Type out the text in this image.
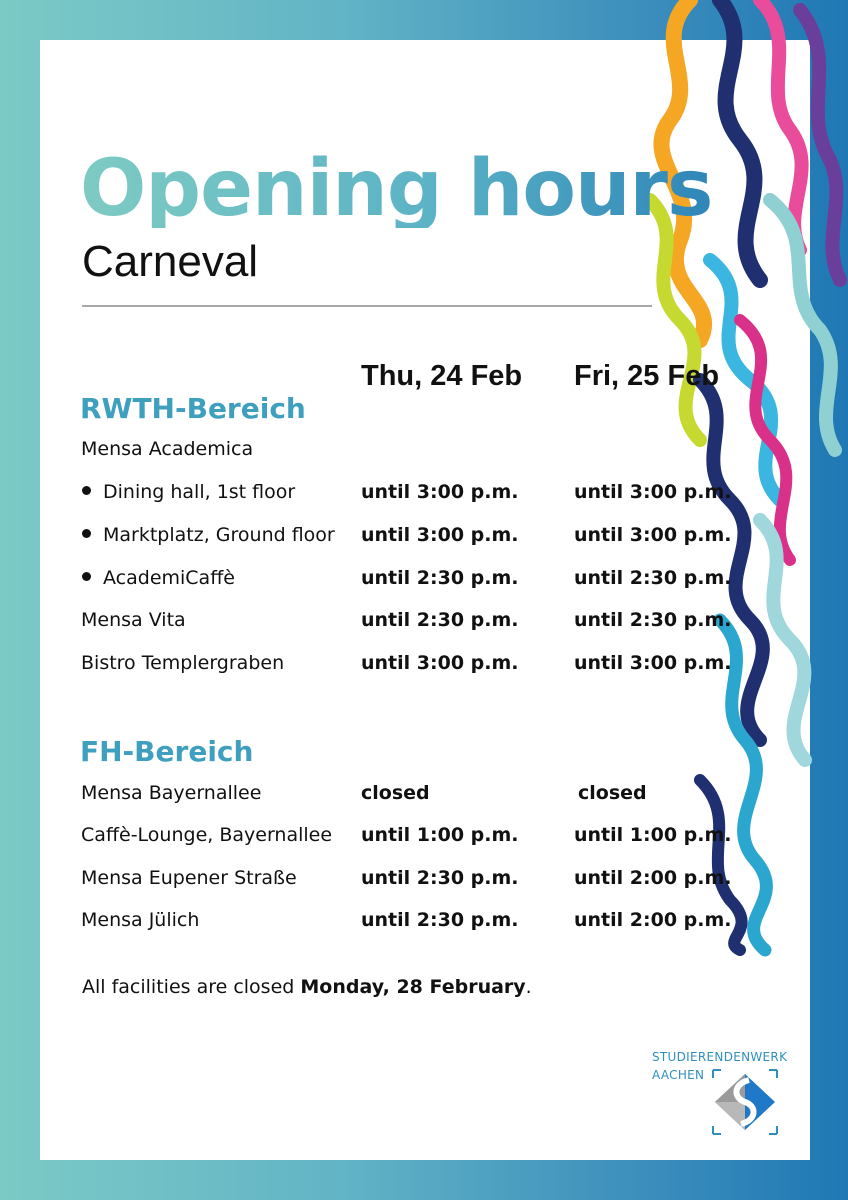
Opening hours
Carneval
Thu, 24 Feb Fri, 25 Feb
RWTH-Bereich
Mensa Academica
Dining hall, 1st floor	until 3:00 p.m.	until 3:00 p.m.
Marktplatz, Ground floor until 3:00 p.m.	until 3:00 p.m.
AcademiCaffè	until 2:30 p.m.	until 2:30 p.m.
Mensa Vita	until 2:30 p.m.	until 2:30 p.m.
Bistro Templergraben	until 3:00 p.m.	until 3:00 p.m.
FH-Bereich
Mensa Bayernallee	closed	closed
Caffè-Lounge, Bayernallee until 1:00 p.m.	until 1:00 p.m.
Mensa Eupener Straße	until 2:30 p.m.	until 2:00 p.m.
Mensa Jülich	until 2:30 p.m.	until 2:00 p.m.
All facilities are closed Monday, 28 February.
STUDIERENDENWERK
AACHEN
